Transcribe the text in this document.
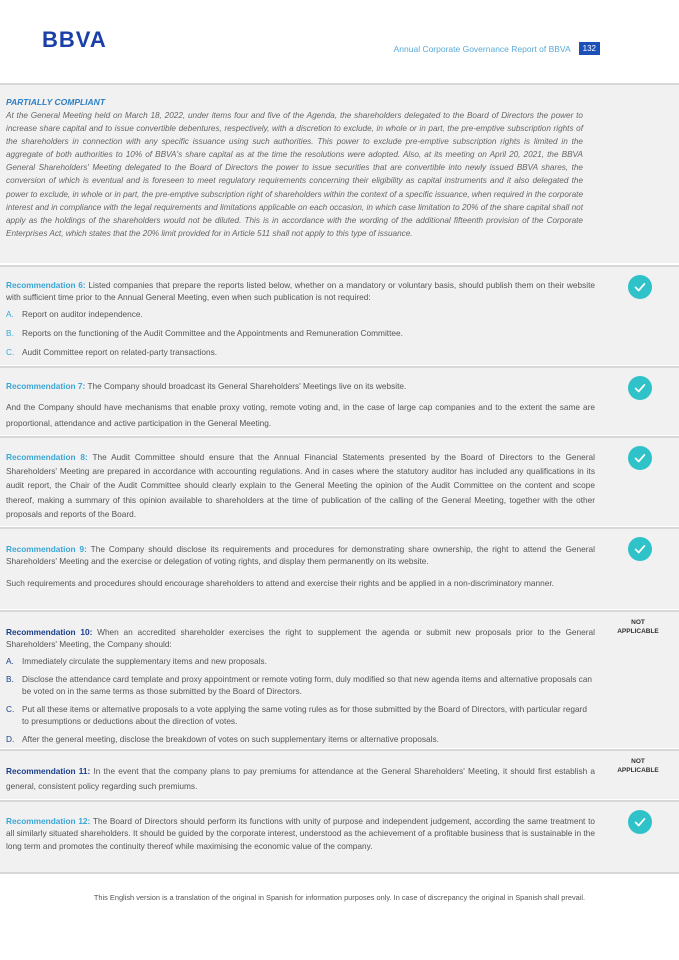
BBVA	Annual Corporate Governance Report of BBVA	132
PARTIALLY COMPLIANT
At the General Meeting held on March 18, 2022, under items four and five of the Agenda, the shareholders delegated to the Board of Directors the power to increase share capital and to issue convertible debentures, respectively, with a discretion to exclude, in whole or in part, the pre-emptive subscription rights of the shareholders in connection with any specific issuance using such authorities. This power to exclude pre-emptive subscription rights is limited in the aggregate of both authorities to 10% of BBVA's share capital as at the time the resolutions were adopted. Also, at its meeting on April 20, 2021, the BBVA General Shareholders' Meeting delegated to the Board of Directors the power to issue securities that are convertible into newly issued BBVA shares, the conversion of which is eventual and is foreseen to meet regulatory requirements concerning their eligibility as capital instruments and it also delegated the power to exclude, in whole or in part, the pre-emptive subscription right of shareholders within the context of a specific issuance, when required in the corporate interest and in compliance with the legal requirements and limitations applicable on each occasion, in which case limitation to 20% of the share capital shall not apply as the holdings of the shareholders would not be diluted. This is in accordance with the wording of the additional fifteenth provision of the Corporate Enterprises Act, which states that the 20% limit provided for in Article 511 shall not apply to this type of issuance.

Recommendation 6: Listed companies that prepare the reports listed below, whether on a mandatory or voluntary basis, should publish them on their website with sufficient time prior to the Annual General Meeting, even when such publication is not required:

A. Report on auditor independence.
B. Reports on the functioning of the Audit Committee and the Appointments and Remuneration Committee.
C. Audit Committee report on related-party transactions.

Recommendation 7: The Company should broadcast its General Shareholders' Meetings live on its website.

And the Company should have mechanisms that enable proxy voting, remote voting and, in the case of large cap companies and to the extent the same are proportional, attendance and active participation in the General Meeting.

Recommendation 8: The Audit Committee should ensure that the Annual Financial Statements presented by the Board of Directors to the General Shareholders' Meeting are prepared in accordance with accounting regulations. And in cases where the statutory auditor has included any qualifications in its audit report, the Chair of the Audit Committee should clearly explain to the General Meeting the opinion of the Audit Committee on the content and scope thereof, making a summary of this opinion available to shareholders at the time of publication of the calling of the General Meeting, together with the other proposals and reports of the Board.

Recommendation 9: The Company should disclose its requirements and procedures for demonstrating share ownership, the right to attend the General Shareholders' Meeting and the exercise or delegation of voting rights, and display them permanently on its website.

Such requirements and procedures should encourage shareholders to attend and exercise their rights and be applied in a non-discriminatory manner.

Recommendation 10: When an accredited shareholder exercises the right to supplement the agenda or submit new proposals prior to the General Shareholders' Meeting, the Company should:

A. Immediately circulate the supplementary items and new proposals.
B. Disclose the attendance card template and proxy appointment or remote voting form, duly modified so that new agenda items and alternative proposals can be voted on in the same terms as those submitted by the Board of Directors.
C. Put all these items or alternative proposals to a vote applying the same voting rules as for those submitted by the Board of Directors, with particular regard to presumptions or deductions about the direction of votes.
D. After the general meeting, disclose the breakdown of votes on such supplementary items or alternative proposals.
NOT
APPLICABLE

Recommendation 11: In the event that the company plans to pay premiums for attendance at the General Shareholders' Meeting, it should first establish a general, consistent policy regarding such premiums.

NOT
APPLICABLE

Recommendation 12: The Board of Directors should perform its functions with unity of purpose and independent judgement, according the same treatment to all similarly situated shareholders. It should be guided by the corporate interest, understood as the achievement of a profitable business that is sustainable in the long term and promotes the continuity thereof while maximising the economic value of the company.

This English version is a translation of the original in Spanish for information purposes only. In case of discrepancy the original in Spanish shall prevail.
